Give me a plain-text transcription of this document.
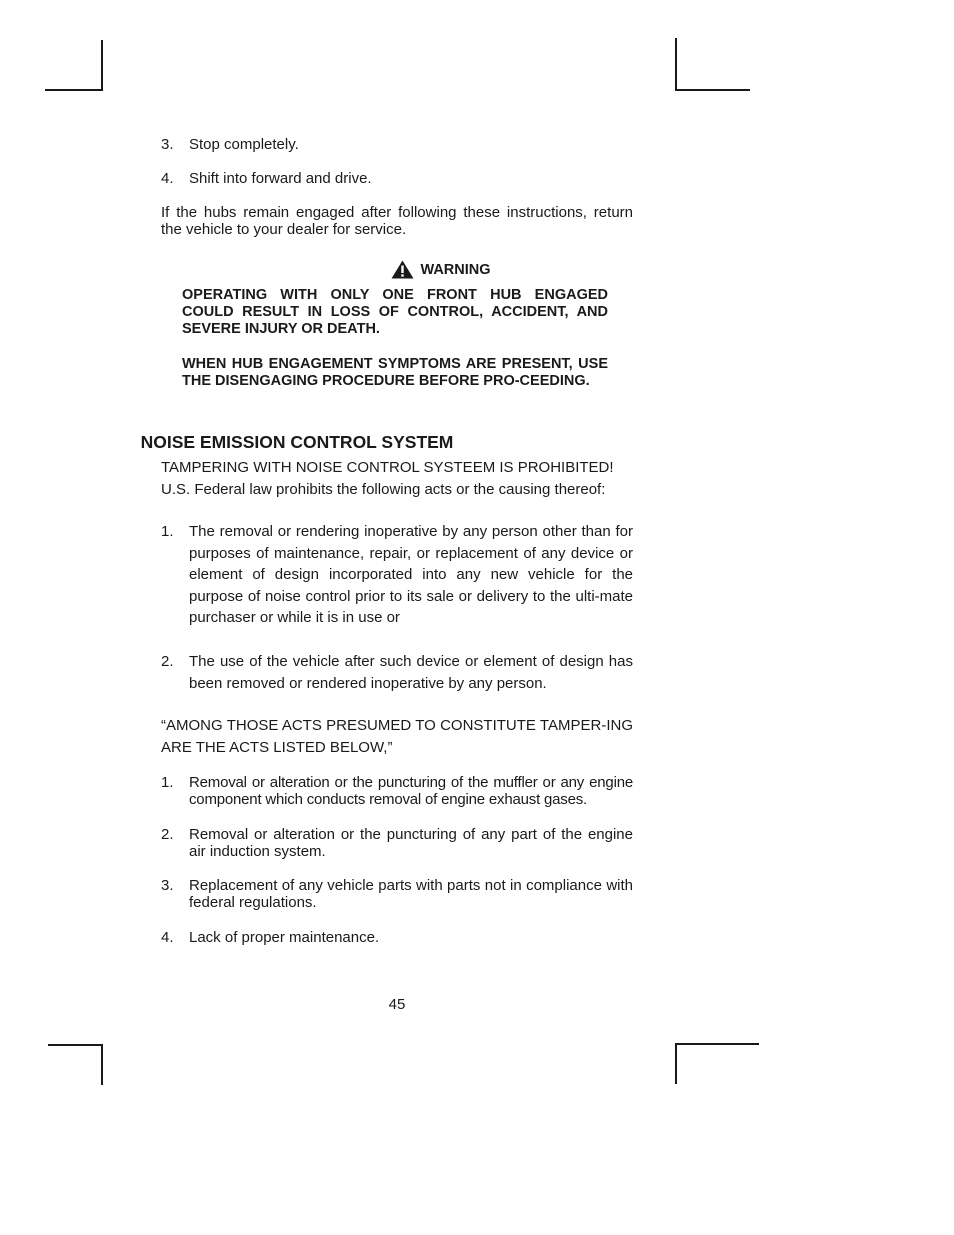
3.	Stop completely.
4.	Shift into forward and drive.

If the hubs remain engaged after following these instructions, return the vehicle to your dealer for service.

WARNING

OPERATING WITH ONLY ONE FRONT HUB ENGAGED COULD RESULT IN LOSS OF CONTROL, ACCIDENT, AND SEVERE INJURY OR DEATH.

WHEN HUB ENGAGEMENT SYMPTOMS ARE PRESENT, USE THE DISENGAGING PROCEDURE BEFORE PRO-CEEDING.

NOISE EMISSION CONTROL SYSTEM

TAMPERING WITH NOISE CONTROL SYSTEEM IS PROHIBITED!

U.S. Federal law prohibits the following acts or the causing thereof:

1.	The removal or rendering inoperative by any person other than for purposes of maintenance, repair, or replacement of any device or element of design incorporated into any new vehicle for the purpose of noise control prior to its sale or delivery to the ulti-mate purchaser or while it is in use or
2.	The use of the vehicle after such device or element of design has been removed or rendered inoperative by any person.

“AMONG THOSE ACTS PRESUMED TO CONSTITUTE TAMPER-ING ARE THE ACTS LISTED BELOW,”

1.	Removal or alteration or the puncturing of the muffler or any engine component which conducts removal of engine exhaust gases.
2.	Removal or alteration or the puncturing of any part of the engine air induction system.
3.	Replacement of any vehicle parts with parts not in compliance with federal regulations.
4.	Lack of proper maintenance.
45
